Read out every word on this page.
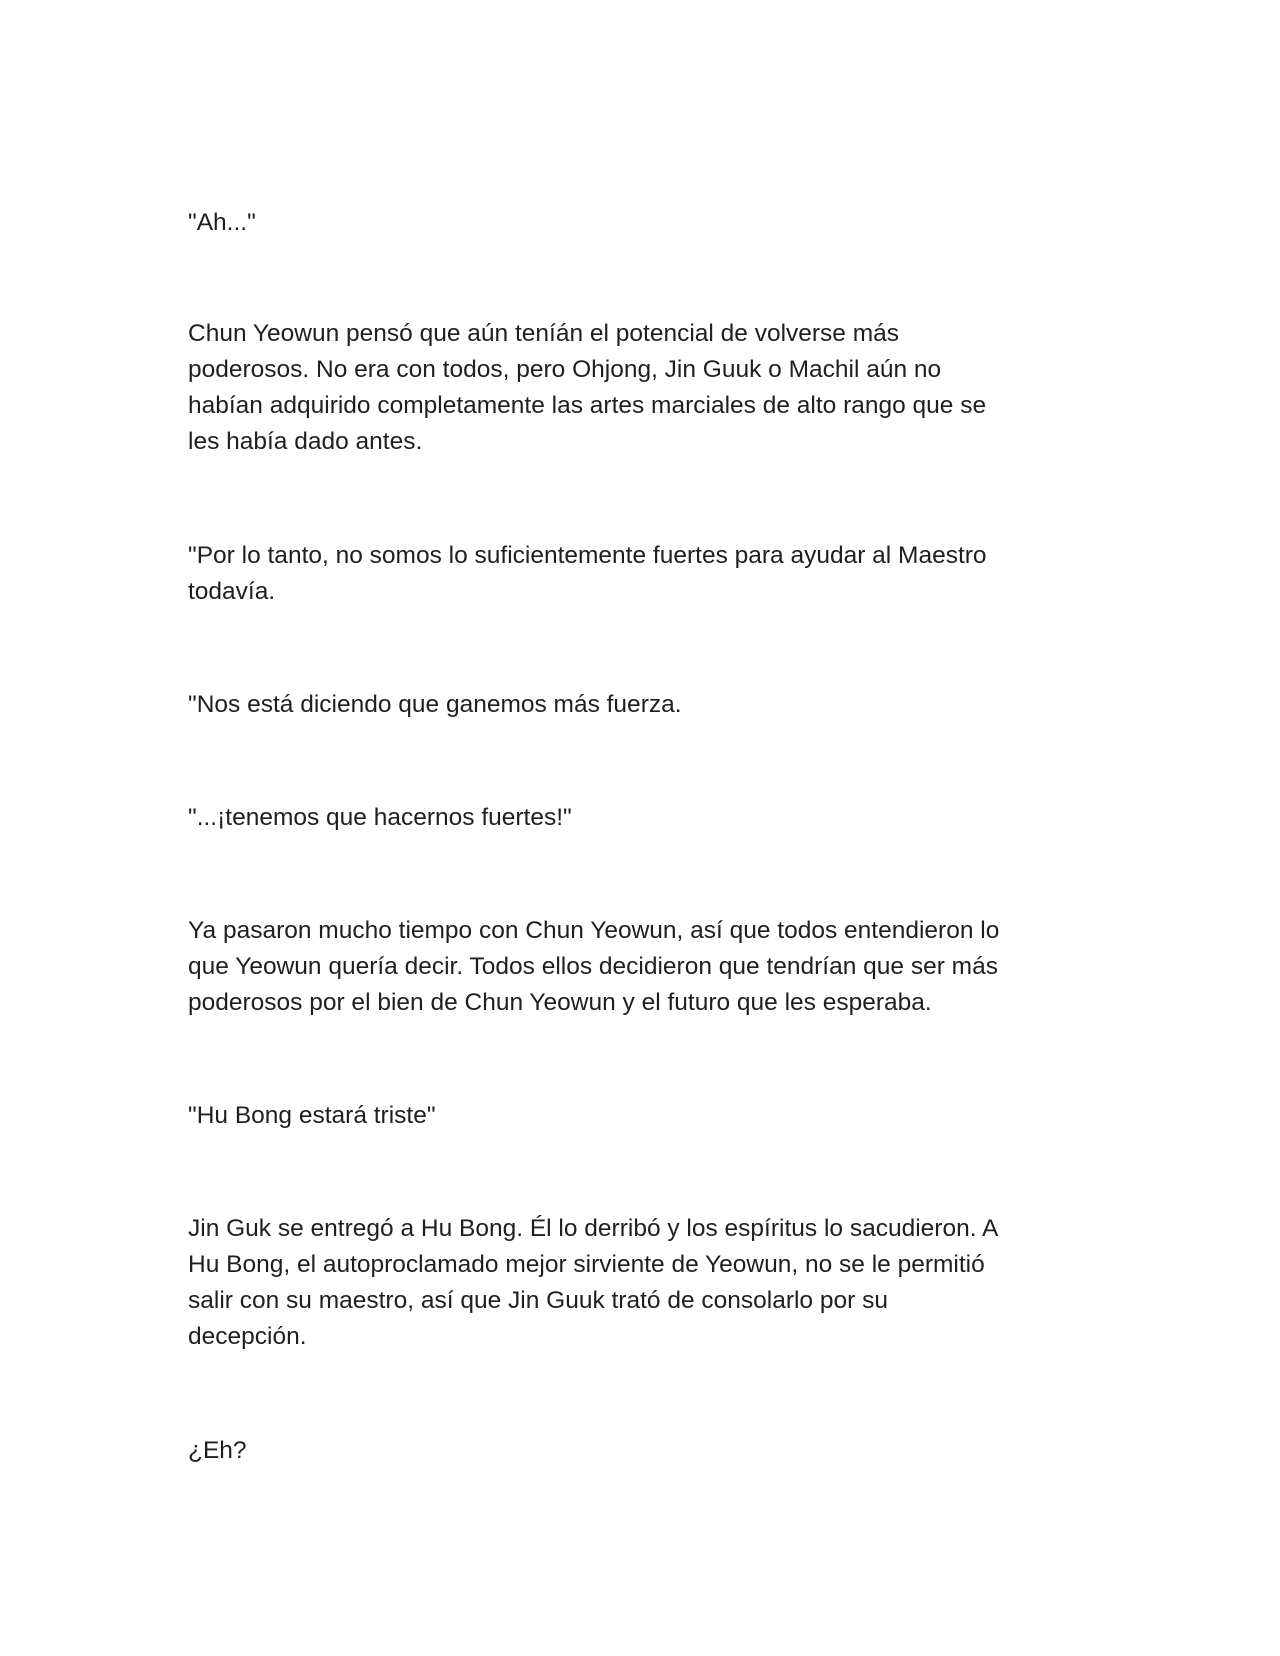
"Ah..."

Chun Yeowun pensó que aún teníán el potencial de volverse más
poderosos. No era con todos, pero Ohjong, Jin Guuk o Machil aún no
habían adquirido completamente las artes marciales de alto rango que se
les había dado antes.

"Por lo tanto, no somos lo suficientemente fuertes para ayudar al Maestro
todavía.

"Nos está diciendo que ganemos más fuerza.

"...¡tenemos que hacernos fuertes!"

Ya pasaron mucho tiempo con Chun Yeowun, así que todos entendieron lo
que Yeowun quería decir. Todos ellos decidieron que tendrían que ser más
poderosos por el bien de Chun Yeowun y el futuro que les esperaba.

"Hu Bong estará triste"

Jin Guk se entregó a Hu Bong. Él lo derribó y los espíritus lo sacudieron. A
Hu Bong, el autoproclamado mejor sirviente de Yeowun, no se le permitió
salir con su maestro, así que Jin Guuk trató de consolarlo por su
decepción.

¿Eh?
